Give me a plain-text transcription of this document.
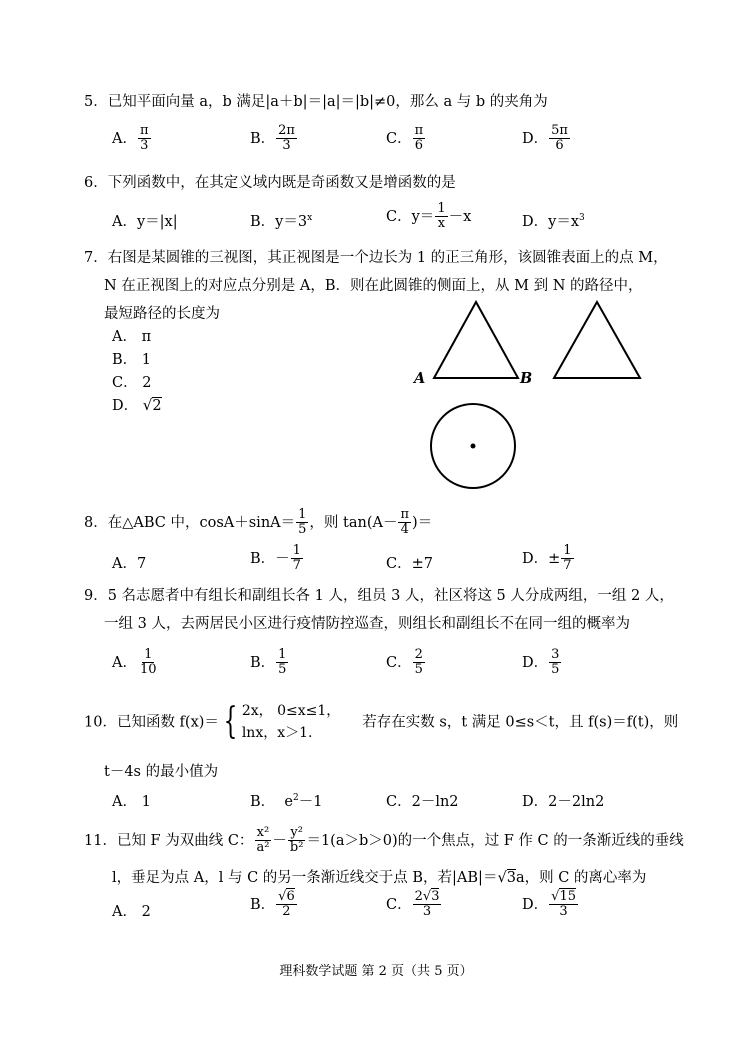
5．已知平面向量 a，b 满足|a＋b|＝|a|＝|b|≠0，那么 a 与 b 的夹角为
A． $\frac{\pi}{3}$	B． $\frac{2\pi}{3}$	C． $\frac{\pi}{6}$	D． $\frac{5\pi}{6}$
6．下列函数中，在其定义域内既是奇函数又是增函数的是
A．y＝|x|	B．$y=3^x$	C．$y= \frac{1}{x} -x$	D．$y=x^3$
7．右图是某圆锥的三视图，其正视图是一个边长为 1 的正三角形，该圆锥表面上的点 M，
N 在正视图上的对应点分别是 A，B．则在此圆锥的侧面上，从 M 到 N 的路径中，
最短路径的长度为
A． π
B． 1
C． 2
D． √2
A	B
8．在△ABC 中，$\cos A+\sin A= \frac{1}{5}$ ，则 $\tan(A- \frac{\pi}{4}$ )＝
A．7	B．－ $\frac{1}{7}$	C．±7	D．± $\frac{1}{7}$
9．5 名志愿者中有组长和副组长各 1 人，组员 3 人，社区将这 5 人分成两组，一组 2 人，
一组 3 人，去两居民小区进行疫情防控巡查，则组长和副组长不在同一组的概率为
A． $\frac{1}{10}$	B． $\frac{1}{5}$	C． $\frac{2}{5}$	D． $\frac{3}{5}$
10．已知函数 f(x)＝ { 2x， 0≤x≤1，
lnx，x＞1.若存在实数 s，t 满足 0≤s＜t，且 f(s)＝f(t)，则
t－4s 的最小值为
A． 1	B． $e^2-1$	C．2－ln2	D．2－2ln2
11．已知 F 为双曲线 C： $\frac{\text{x²}}{\text{a²}} - \frac{\text{y²}}{\text{b²}} =1(a>b>0)$的一个焦点，过 F 作 C 的一条渐近线的垂线
l，垂足为点 A，l 与 C 的另一条渐近线交于点 B，若|AB|＝√3a，则 C 的离心率为
A． 2	B． $\frac{√6}{2}$	C． $\frac{2√3}{3}$	D． $\frac{√15}{3}$
理科数学试题 第 2 页（共 5 页）
